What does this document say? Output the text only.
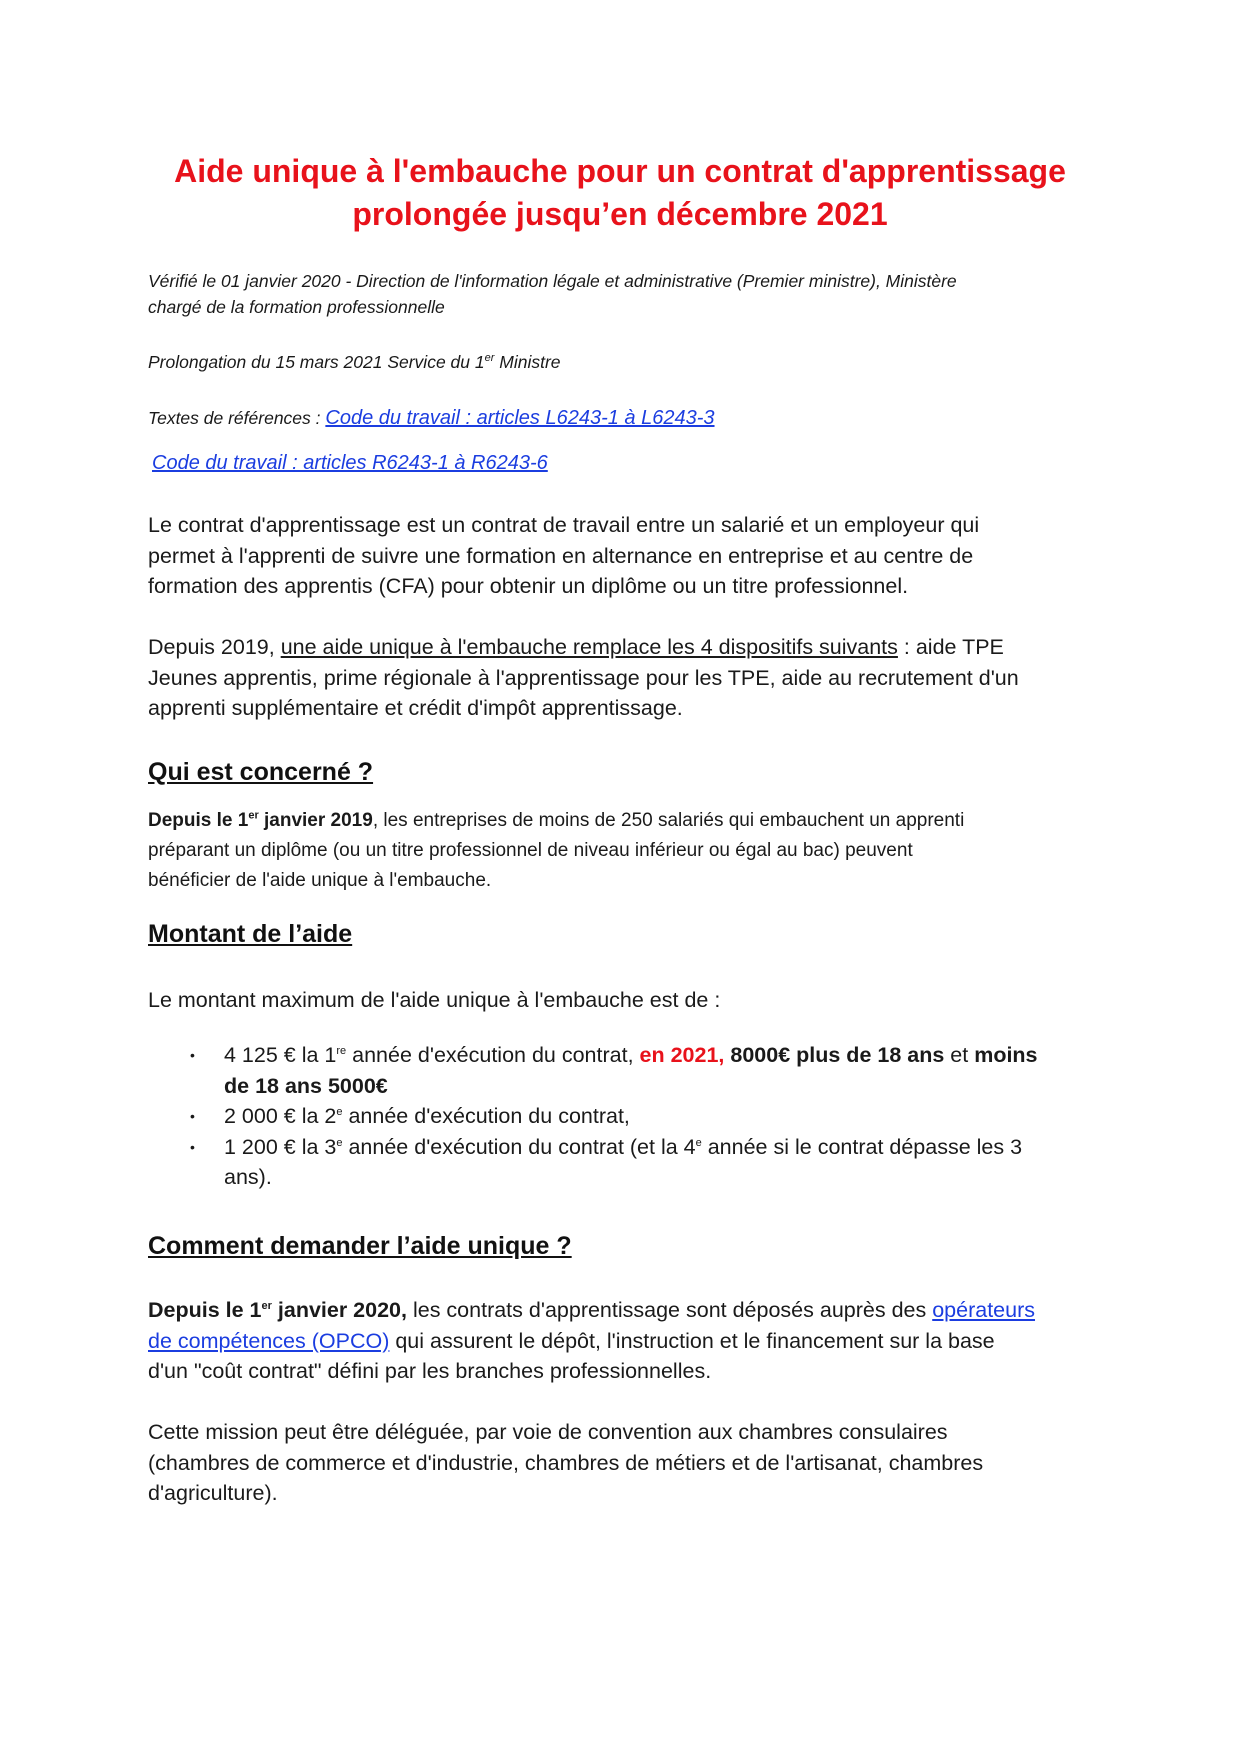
Aide unique à l'embauche pour un contrat d'apprentissage
prolongée jusqu’en décembre 2021
Vérifié le 01 janvier 2020 - Direction de l'information légale et administrative (Premier ministre), Ministère
chargé de la formation professionnelle
Prolongation du 15 mars 2021 Service du 1er Ministre
Textes de références : Code du travail : articles L6243-1 à L6243-3
Code du travail : articles R6243-1 à R6243-6
Le contrat d'apprentissage est un contrat de travail entre un salarié et un employeur qui
permet à l'apprenti de suivre une formation en alternance en entreprise et au centre de
formation des apprentis (CFA) pour obtenir un diplôme ou un titre professionnel.
Depuis 2019, une aide unique à l'embauche remplace les 4 dispositifs suivants : aide TPE
Jeunes apprentis, prime régionale à l'apprentissage pour les TPE, aide au recrutement d'un
apprenti supplémentaire et crédit d'impôt apprentissage.
Qui est concerné ?
Depuis le 1er janvier 2019, les entreprises de moins de 250 salariés qui embauchent un apprenti
préparant un diplôme (ou un titre professionnel de niveau inférieur ou égal au bac) peuvent
bénéficier de l'aide unique à l'embauche.
Montant de l’aide
Le montant maximum de l'aide unique à l'embauche est de :
• 4 125 € la 1re année d'exécution du contrat, en 2021, 8000€ plus de 18 ans et moins
de 18 ans 5000€
• 2 000 € la 2e année d'exécution du contrat,
• 1 200 € la 3e année d'exécution du contrat (et la 4e année si le contrat dépasse les 3
ans).
Comment demander l’aide unique ?
Depuis le 1er janvier 2020, les contrats d'apprentissage sont déposés auprès des opérateurs
de compétences (OPCO) qui assurent le dépôt, l'instruction et le financement sur la base
d'un "coût contrat" défini par les branches professionnelles.
Cette mission peut être déléguée, par voie de convention aux chambres consulaires
(chambres de commerce et d'industrie, chambres de métiers et de l'artisanat, chambres
d'agriculture).
